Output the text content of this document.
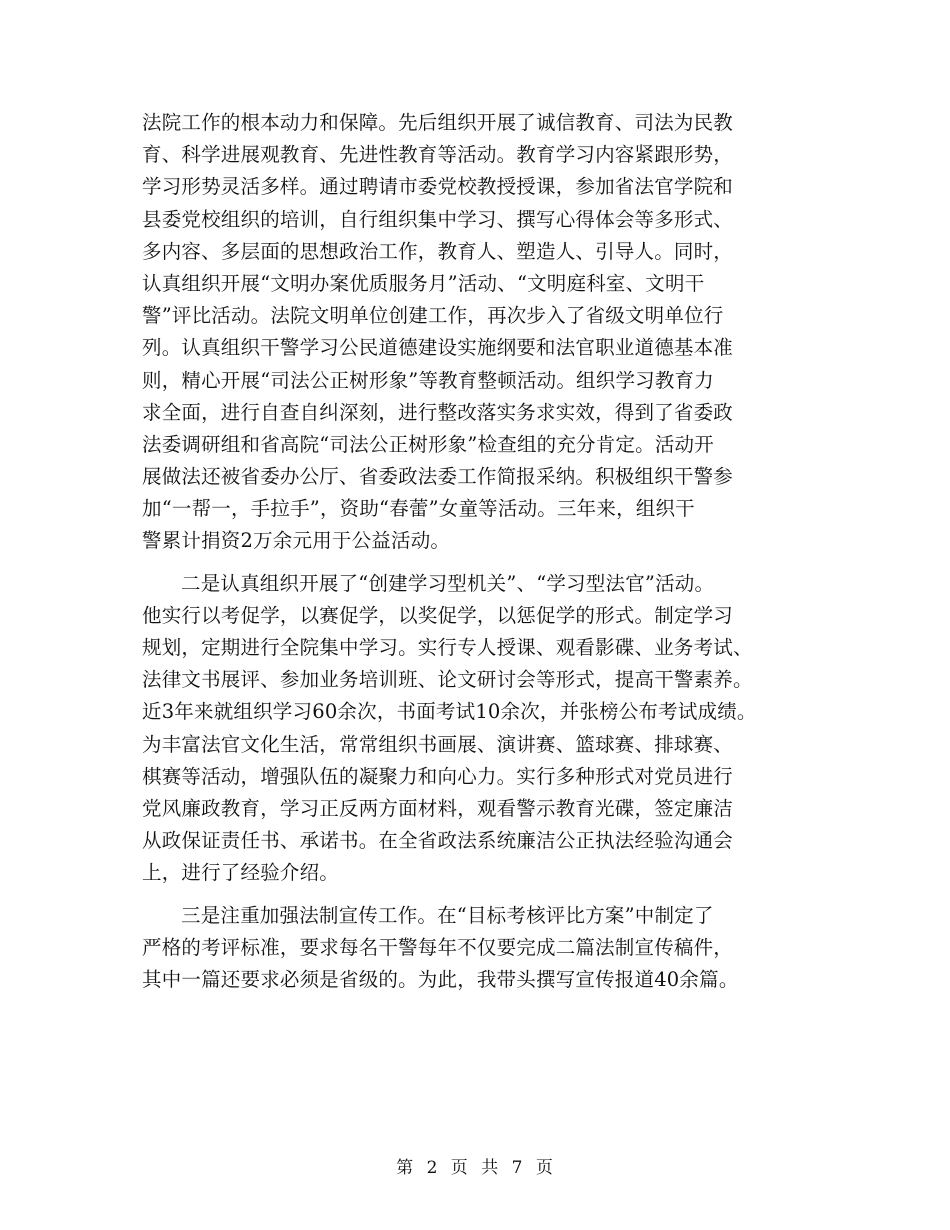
法院工作的根本动力和保障。先后组织开展了诚信教育、司法为民教
育、科学进展观教育、先进性教育等活动。教育学习内容紧跟形势，
学习形势灵活多样。通过聘请市委党校教授授课，参加省法官学院和
县委党校组织的培训，自行组织集中学习、撰写心得体会等多形式、
多内容、多层面的思想政治工作，教育人、塑造人、引导人。同时，
认真组织开展“文明办案优质服务月”活动、“文明庭科室、文明干
警”评比活动。法院文明单位创建工作，再次步入了省级文明单位行
列。认真组织干警学习公民道德建设实施纲要和法官职业道德基本准
则，精心开展“司法公正树形象”等教育整顿活动。组织学习教育力
求全面，进行自查自纠深刻，进行整改落实务求实效，得到了省委政
法委调研组和省高院“司法公正树形象”检查组的充分肯定。活动开
展做法还被省委办公厅、省委政法委工作简报采纳。积极组织干警参
加“一帮一，手拉手”，资助“春蕾”女童等活动。三年来，组织干
警累计捐资2万余元用于公益活动。
二是认真组织开展了“创建学习型机关”、“学习型法官”活动。
他实行以考促学，以赛促学，以奖促学，以惩促学的形式。制定学习
规划，定期进行全院集中学习。实行专人授课、观看影碟、业务考试、
法律文书展评、参加业务培训班、论文研讨会等形式，提高干警素养。
近3年来就组织学习60余次，书面考试10余次，并张榜公布考试成绩。
为丰富法官文化生活，常常组织书画展、演讲赛、篮球赛、排球赛、
棋赛等活动，增强队伍的凝聚力和向心力。实行多种形式对党员进行
党风廉政教育，学习正反两方面材料，观看警示教育光碟，签定廉洁
从政保证责任书、承诺书。在全省政法系统廉洁公正执法经验沟通会
上，进行了经验介绍。
三是注重加强法制宣传工作。在“目标考核评比方案”中制定了
严格的考评标准，要求每名干警每年不仅要完成二篇法制宣传稿件，
其中一篇还要求必须是省级的。为此，我带头撰写宣传报道40余篇。
第 2 页 共 7 页
